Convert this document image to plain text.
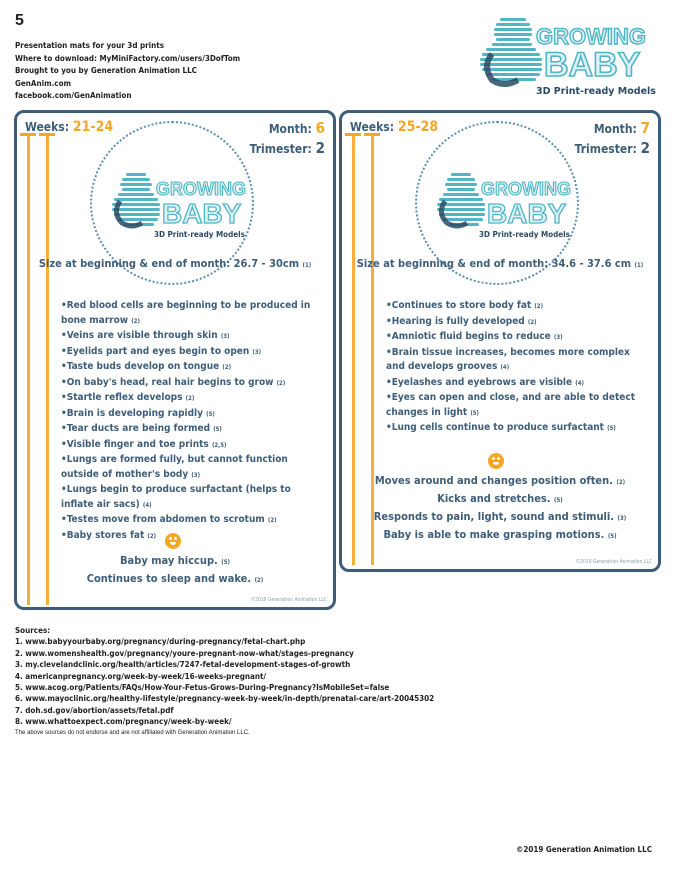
5
Presentation mats for your 3d prints
Where to download: MyMiniFactory.com/users/3DofTom
Brought to you by Generation Animation LLC
GenAnim.com
facebook.com/GenAnimation
GROWING
BABY
3D Print-ready Models
Weeks: 21-24	Month: 6
Trimester: 2
GROWING
BABY
3D Print-ready Models
Size at beginning & end of month: 26.7 - 30cm (1)
•Red blood cells are beginning to be produced in bone marrow (2)
•Veins are visible through skin (3)
•Eyelids part and eyes begin to open (3)
•Taste buds develop on tongue (2)
•On baby's head, real hair begins to grow (2)
•Startle reflex develops (2)
•Brain is developing rapidly (5)
•Tear ducts are being formed (5)
•Visible finger and toe prints (2,5)
•Lungs are formed fully, but cannot function outside of mother's body (3)
•Lungs begin to produce surfactant (helps to inflate air sacs) (4)
•Testes move from abdomen to scrotum (2)
•Baby stores fat (2)
Baby may hiccup. (5)
Continues to sleep and wake. (2)
©2019 Generation Animation LLC
Weeks: 25-28	Month: 7
Trimester: 2
GROWING
BABY
3D Print-ready Models
Size at beginning & end of month: 34.6 - 37.6 cm (1)
•Continues to store body fat (2)
•Hearing is fully developed (2)
•Amniotic fluid begins to reduce (3)
•Brain tissue increases, becomes more complex and develops grooves (4)
•Eyelashes and eyebrows are visible (4)
•Eyes can open and close, and are able to detect changes in light (5)
•Lung cells continue to produce surfactant (5)
Moves around and changes position often. (2)
Kicks and stretches. (5)
Responds to pain, light, sound and stimuli. (3)
Baby is able to make grasping motions. (5)
©2019 Generation Animation LLC
Sources:
1. www.babyyourbaby.org/pregnancy/during-pregnancy/fetal-chart.php
2. www.womenshealth.gov/pregnancy/youre-pregnant-now-what/stages-pregnancy
3. my.clevelandclinic.org/health/articles/7247-fetal-development-stages-of-growth
4. americanpregnancy.org/week-by-week/16-weeks-pregnant/
5. www.acog.org/Patients/FAQs/How-Your-Fetus-Grows-During-Pregnancy?IsMobileSet=false
6. www.mayoclinic.org/healthy-lifestyle/pregnancy-week-by-week/in-depth/prenatal-care/art-20045302
7. doh.sd.gov/abortion/assets/fetal.pdf
8. www.whattoexpect.com/pregnancy/week-by-week/
The above sources do not endorse and are not affiliated with Generation Animation LLC.
©2019 Generation Animation LLC
